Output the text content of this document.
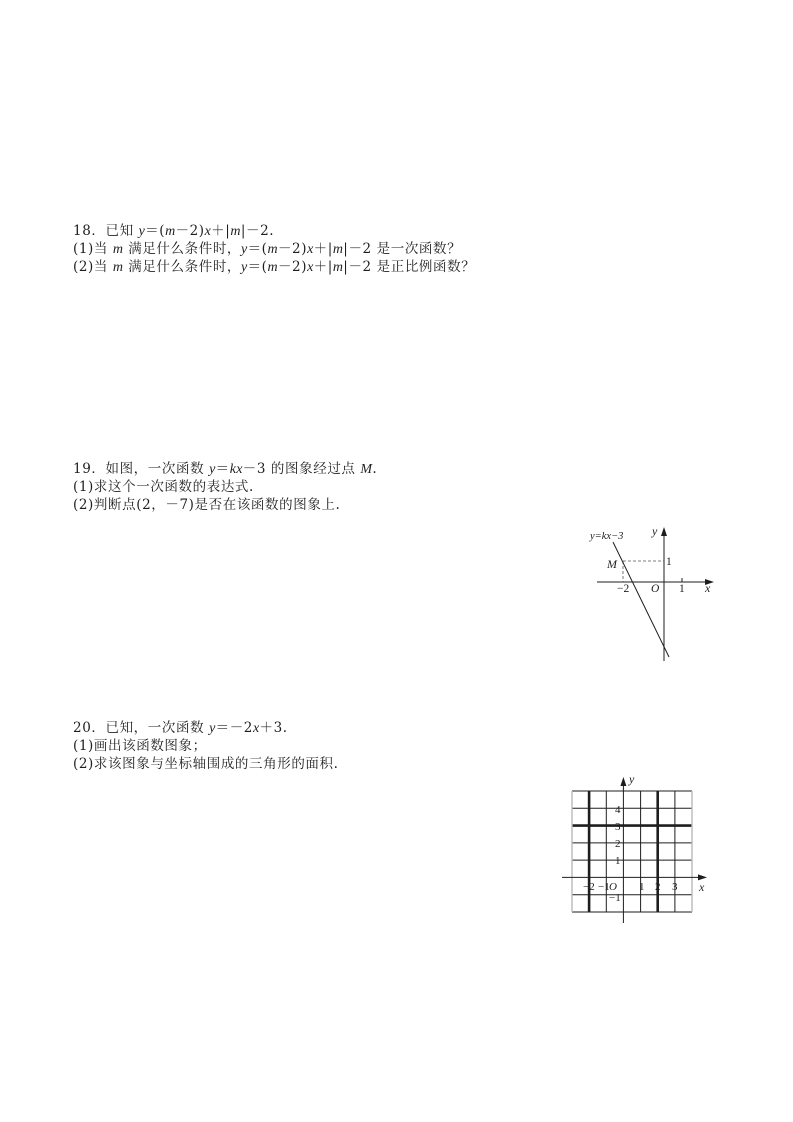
18．已知 y＝(m－2)x＋|m|－2.
(1)当 m 满足什么条件时，y＝(m－2)x＋|m|－2 是一次函数？
(2)当 m 满足什么条件时，y＝(m－2)x＋|m|－2 是正比例函数？
19．如图，一次函数 y＝kx－3 的图象经过点 M.
(1)求这个一次函数的表达式.
(2)判断点(2，－7)是否在该函数的图象上.
y=kx−3 y
M	1
−2 O 1 x
20．已知，一次函数 y＝－2x＋3.
(1)画出该函数图象；
(2)求该图象与坐标轴围成的三角形的面积.
y
4
3
2
1
−1
−2 −1 O 1 2 3 x
